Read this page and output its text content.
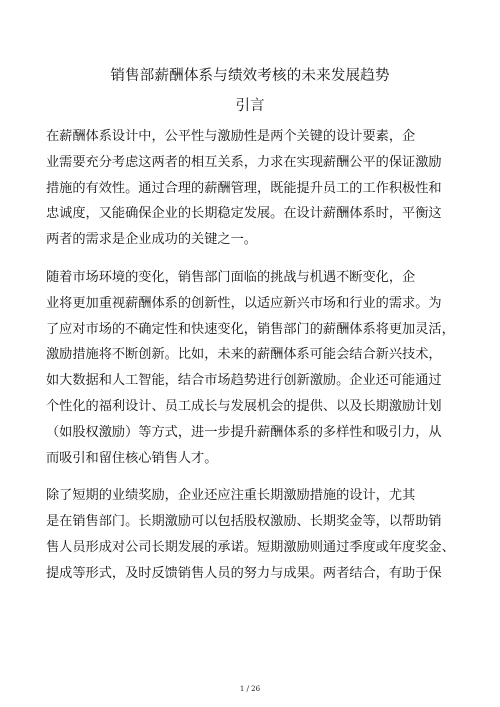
销售部薪酬体系与绩效考核的未来发展趋势
引言
在薪酬体系设计中，公平性与激励性是两个关键的设计要素，企
业需要充分考虑这两者的相互关系，力求在实现薪酬公平的保证激励
措施的有效性。通过合理的薪酬管理，既能提升员工的工作积极性和
忠诚度，又能确保企业的长期稳定发展。在设计薪酬体系时，平衡这
两者的需求是企业成功的关键之一。
随着市场环境的变化，销售部门面临的挑战与机遇不断变化，企
业将更加重视薪酬体系的创新性，以适应新兴市场和行业的需求。为
了应对市场的不确定性和快速变化，销售部门的薪酬体系将更加灵活，
激励措施将不断创新。比如，未来的薪酬体系可能会结合新兴技术，
如大数据和人工智能，结合市场趋势进行创新激励。企业还可能通过
个性化的福利设计、员工成长与发展机会的提供、以及长期激励计划
（如股权激励）等方式，进一步提升薪酬体系的多样性和吸引力，从
而吸引和留住核心销售人才。
除了短期的业绩奖励，企业还应注重长期激励措施的设计，尤其
是在销售部门。长期激励可以包括股权激励、长期奖金等，以帮助销
售人员形成对公司长期发展的承诺。短期激励则通过季度或年度奖金、
提成等形式，及时反馈销售人员的努力与成果。两者结合，有助于保
1 / 26
